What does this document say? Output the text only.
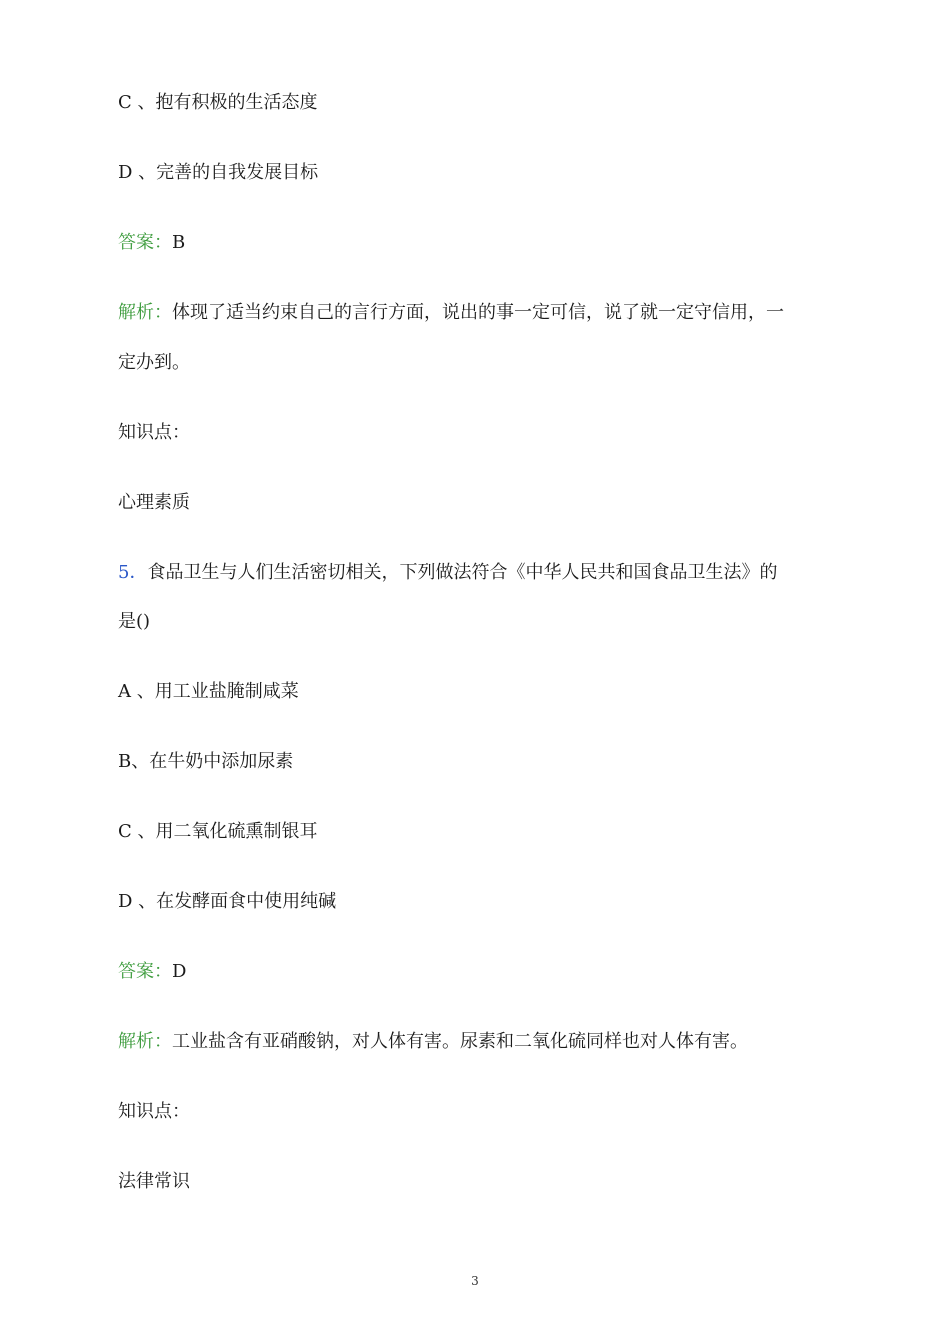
C 、抱有积极的生活态度
D 、完善的自我发展目标
答案：B
解析：体现了适当约束自己的言行方面，说出的事一定可信，说了就一定守信用，一
定办到。
知识点：
心理素质
5．食品卫生与人们生活密切相关，下列做法符合《中华人民共和国食品卫生法》的
是()
A 、用工业盐腌制咸菜
B、在牛奶中添加尿素
C 、用二氧化硫熏制银耳
D 、在发酵面食中使用纯碱
答案：D
解析：工业盐含有亚硝酸钠，对人体有害。尿素和二氧化硫同样也对人体有害。
知识点：
法律常识
3
